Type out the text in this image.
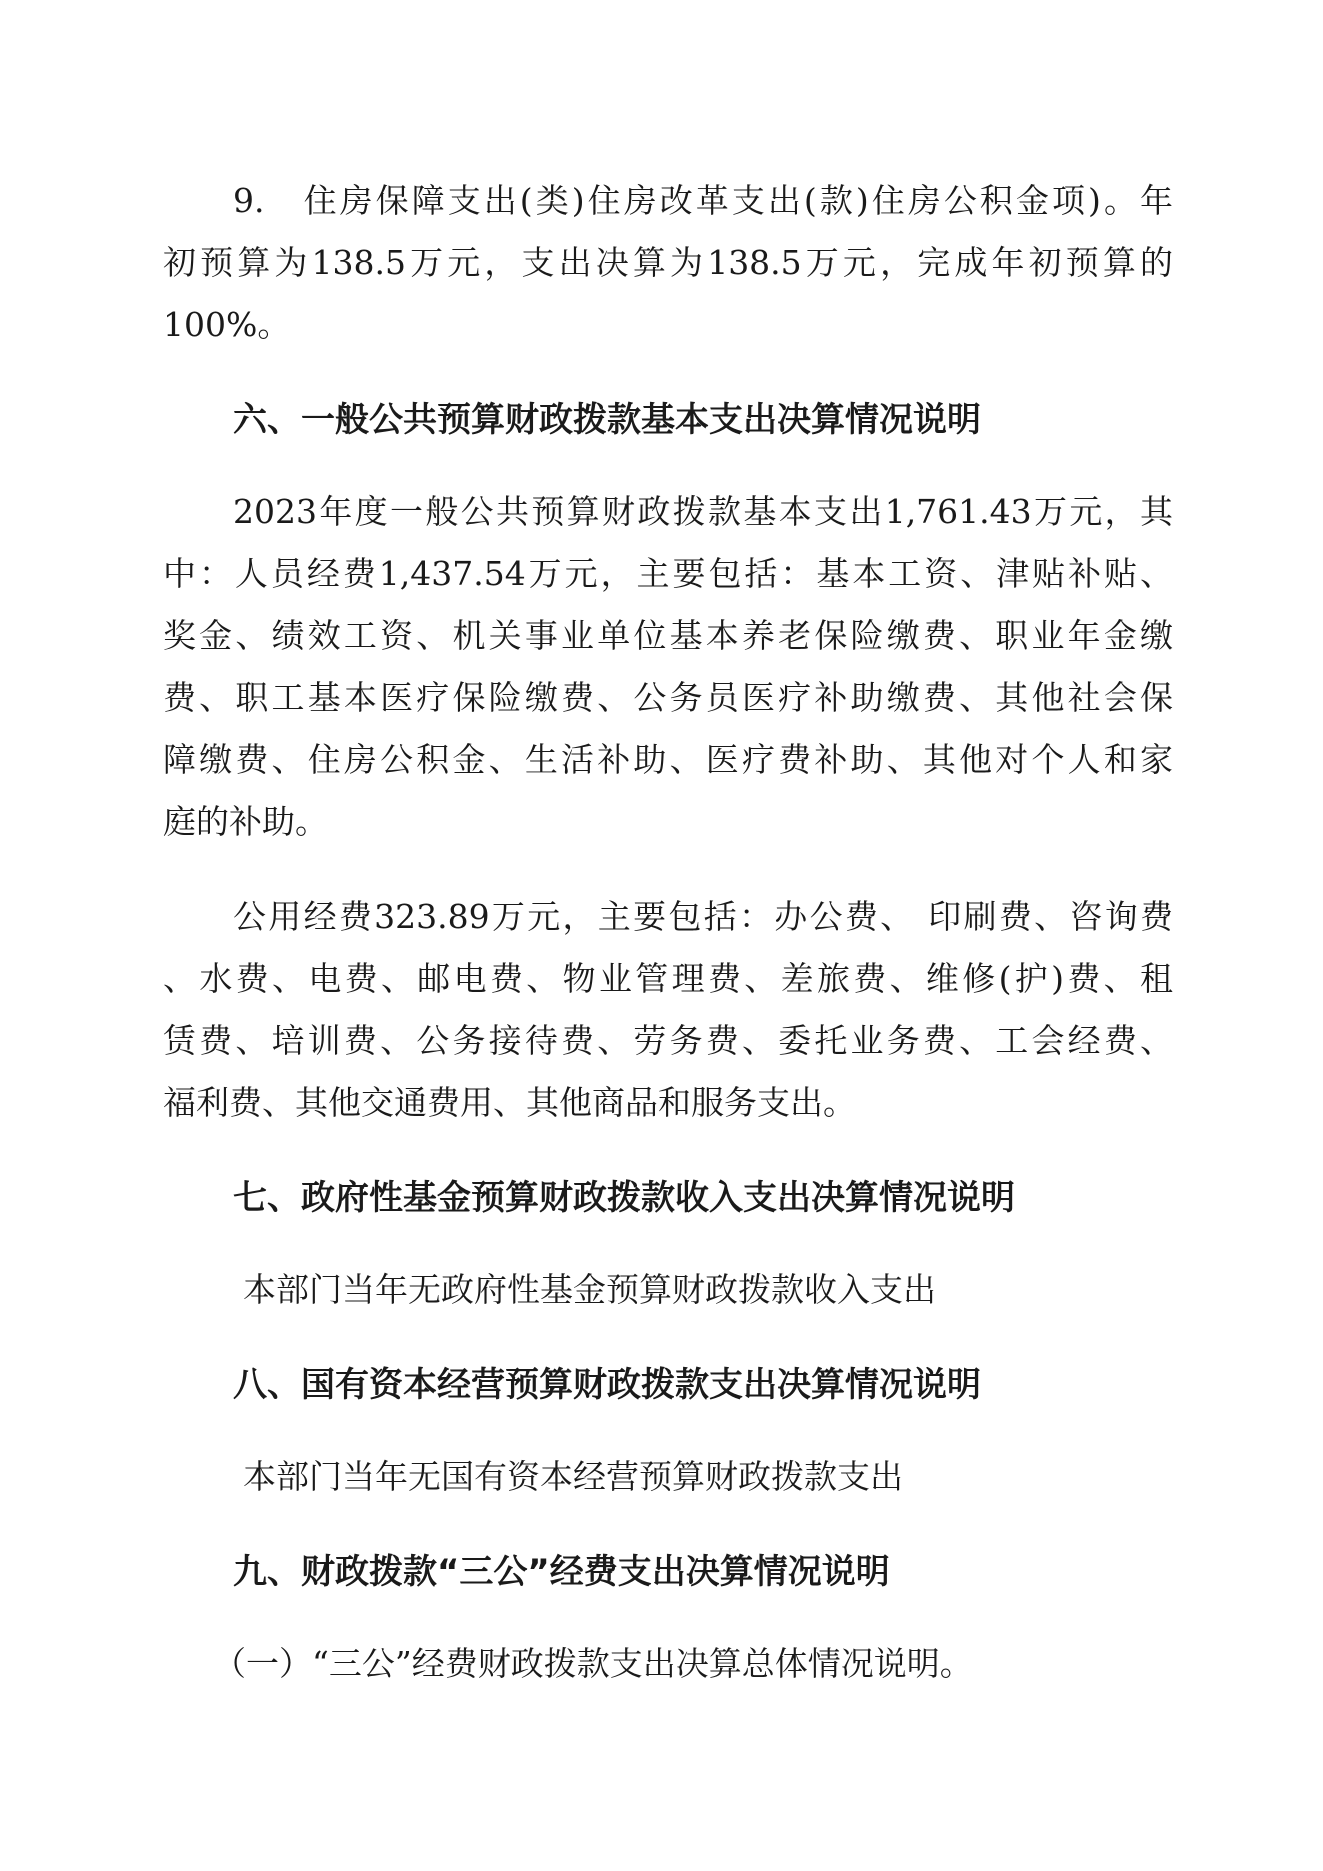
9.　住房保障支出(类)住房改革支出(款)住房公积金项)。年
初预算为138.5万元，支出决算为138.5万元，完成年初预算的
100%。
六、一般公共预算财政拨款基本支出决算情况说明
2023年度一般公共预算财政拨款基本支出1,761.43万元，其
中：人员经费1,437.54万元，主要包括：基本工资、津贴补贴、
奖金、绩效工资、机关事业单位基本养老保险缴费、职业年金缴
费、职工基本医疗保险缴费、公务员医疗补助缴费、其他社会保
障缴费、住房公积金、生活补助、医疗费补助、其他对个人和家
庭的补助。
公用经费323.89万元，主要包括：办公费、 印刷费、咨询费
、水费、电费、邮电费、物业管理费、差旅费、维修(护)费、租
赁费、培训费、公务接待费、劳务费、委托业务费、工会经费、
福利费、其他交通费用、其他商品和服务支出。
七、政府性基金预算财政拨款收入支出决算情况说明
本部门当年无政府性基金预算财政拨款收入支出
八、国有资本经营预算财政拨款支出决算情况说明
本部门当年无国有资本经营预算财政拨款支出
九、财政拨款“三公”经费支出决算情况说明
（一）“三公”经费财政拨款支出决算总体情况说明。
